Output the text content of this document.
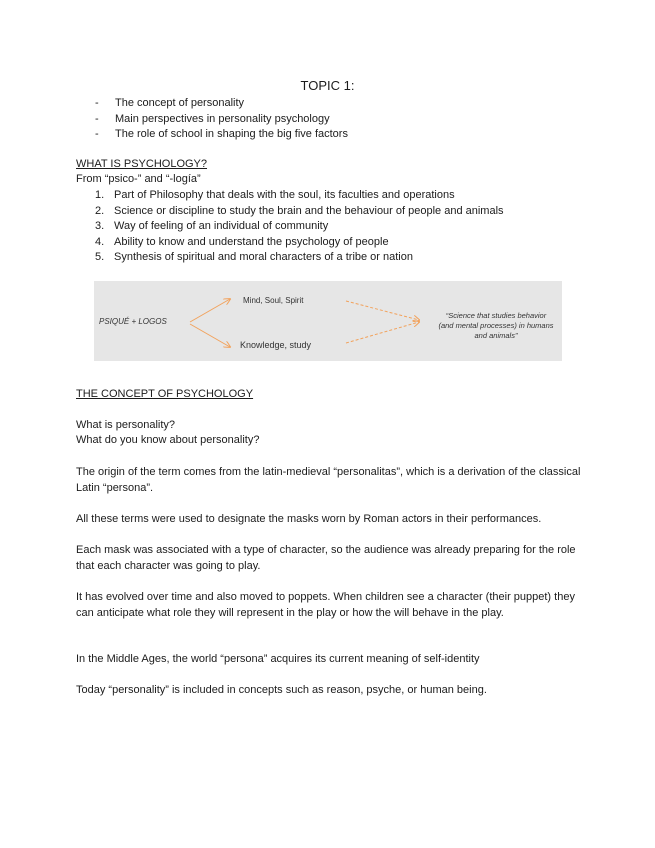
TOPIC 1:
- The concept of personality
- Main perspectives in personality psychology
- The role of school in shaping the big five factors
WHAT IS PSYCHOLOGY?
From “psico-” and “-logía”
1. Part of Philosophy that deals with the soul, its faculties and operations
2. Science or discipline to study the brain and the behaviour of people and animals
3. Way of feeling of an individual of community
4. Ability to know and understand the psychology of people
5. Synthesis of spiritual and moral characters of a tribe or nation
PSIQUÉ + LOGOS
Mind, Soul, Spirit
Knowledge, study
“Science that studies behavior (and mental processes) in humans and animals”
THE CONCEPT OF PSYCHOLOGY

What is personality?

What do you know about personality?

The origin of the term comes from the latin-medieval “personalitas”, which is a derivation of the classical Latin “persona”.

All these terms were used to designate the masks worn by Roman actors in their performances.

Each mask was associated with a type of character, so the audience was already preparing for the role that each character was going to play.

It has evolved over time and also moved to poppets. When children see a character (their puppet) they can anticipate what role they will represent in the play or how the will behave in the play.

In the Middle Ages, the world “persona” acquires its current meaning of self-identity

Today “personality” is included in concepts such as reason, psyche, or human being.
